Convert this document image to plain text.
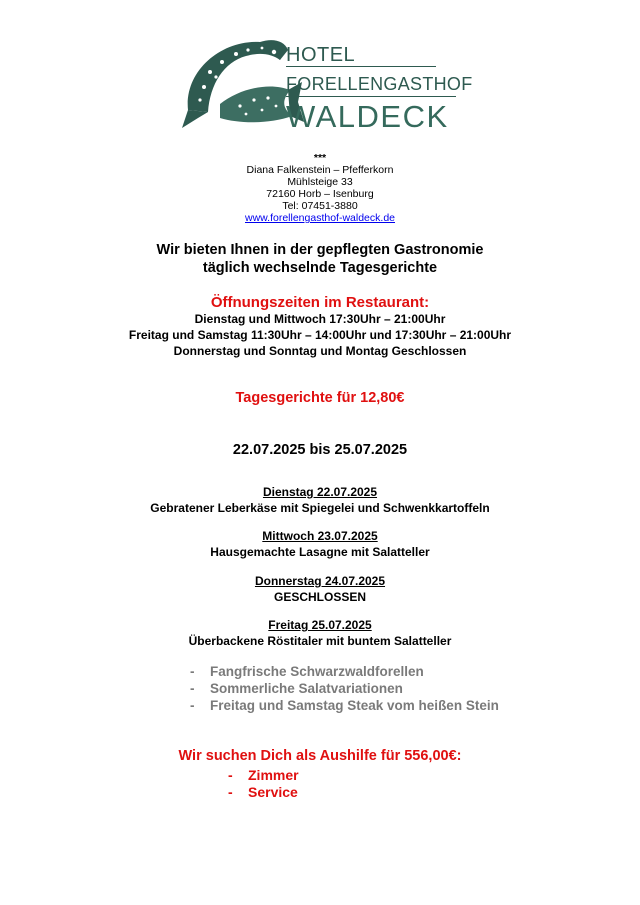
HOTEL
FORELLENGASTHOF
WALDECK
***
Diana Falkenstein – Pfefferkorn
Mühlsteige 33
72160 Horb – Isenburg
Tel: 07451-3880
www.forellengasthof-waldeck.de
Wir bieten Ihnen in der gepflegten Gastronomie
täglich wechselnde Tagesgerichte
Öffnungszeiten im Restaurant:
Dienstag und Mittwoch 17:30Uhr – 21:00Uhr
Freitag und Samstag 11:30Uhr – 14:00Uhr und 17:30Uhr – 21:00Uhr
Donnerstag und Sonntag und Montag Geschlossen
Tagesgerichte für 12,80€
22.07.2025 bis 25.07.2025
Dienstag 22.07.2025
Gebratener Leberkäse mit Spiegelei und Schwenkkartoffeln
Mittwoch 23.07.2025
Hausgemachte Lasagne mit Salatteller
Donnerstag 24.07.2025
GESCHLOSSEN
Freitag 25.07.2025
Überbackene Röstitaler mit buntem Salatteller
- Fangfrische Schwarzwaldforellen
- Sommerliche Salatvariationen
- Freitag und Samstag Steak vom heißen Stein
Wir suchen Dich als Aushilfe für 556,00€:
- Zimmer
- Service
